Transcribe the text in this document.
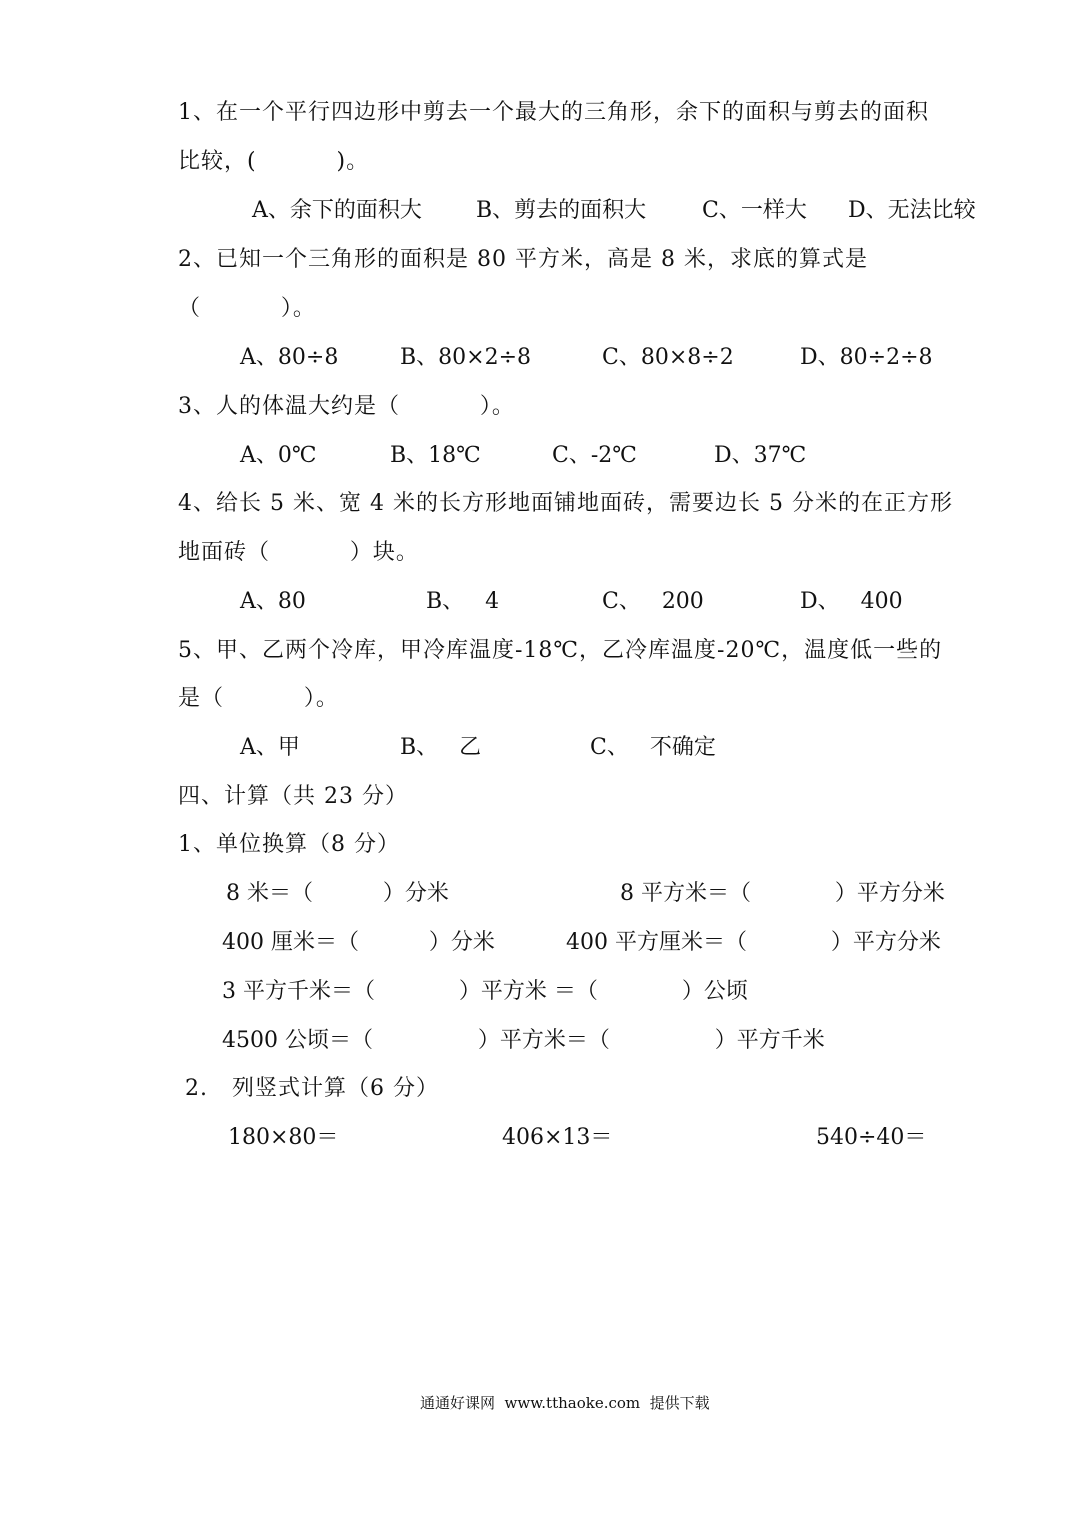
1、在一个平行四边形中剪去一个最大的三角形，余下的面积与剪去的面积
比较，(          )。
A、余下的面积大 B、剪去的面积大	C、一样大 D、无法比较
2、已知一个三角形的面积是 80 平方米，高是 8 米，求底的算式是
（          ）。
A、80÷8	B、80×2÷8	C、80×8÷2	D、80÷2÷8
3、人的体温大约是（          ）。
A、0℃	B、18℃	C、-2℃	D、37℃
4、给长 5 米、宽 4 米的长方形地面铺地面砖，需要边长 5 分米的在正方形
地面砖（          ）块。
A、80	B、   4	C、   200	D、   400
5、甲、乙两个冷库，甲冷库温度-18℃，乙冷库温度-20℃，温度低一些的
是（          ）。
A、甲	B、   乙	C、   不确定
四、计算（共 23 分）
1、单位换算（8 分）
8 米＝（          ）分米	8 平方米＝（            ）平方分米
400 厘米＝（          ）分米	400 平方厘米＝（            ）平方分米
3 平方千米＝（            ）平方米 ＝（            ）公顷
4500 公顷＝（               ）平方米＝（               ）平方千米
2.   列竖式计算（6 分）
180×80＝	406×13＝	540÷40＝
通通好课网  www.tthaoke.com  提供下载
